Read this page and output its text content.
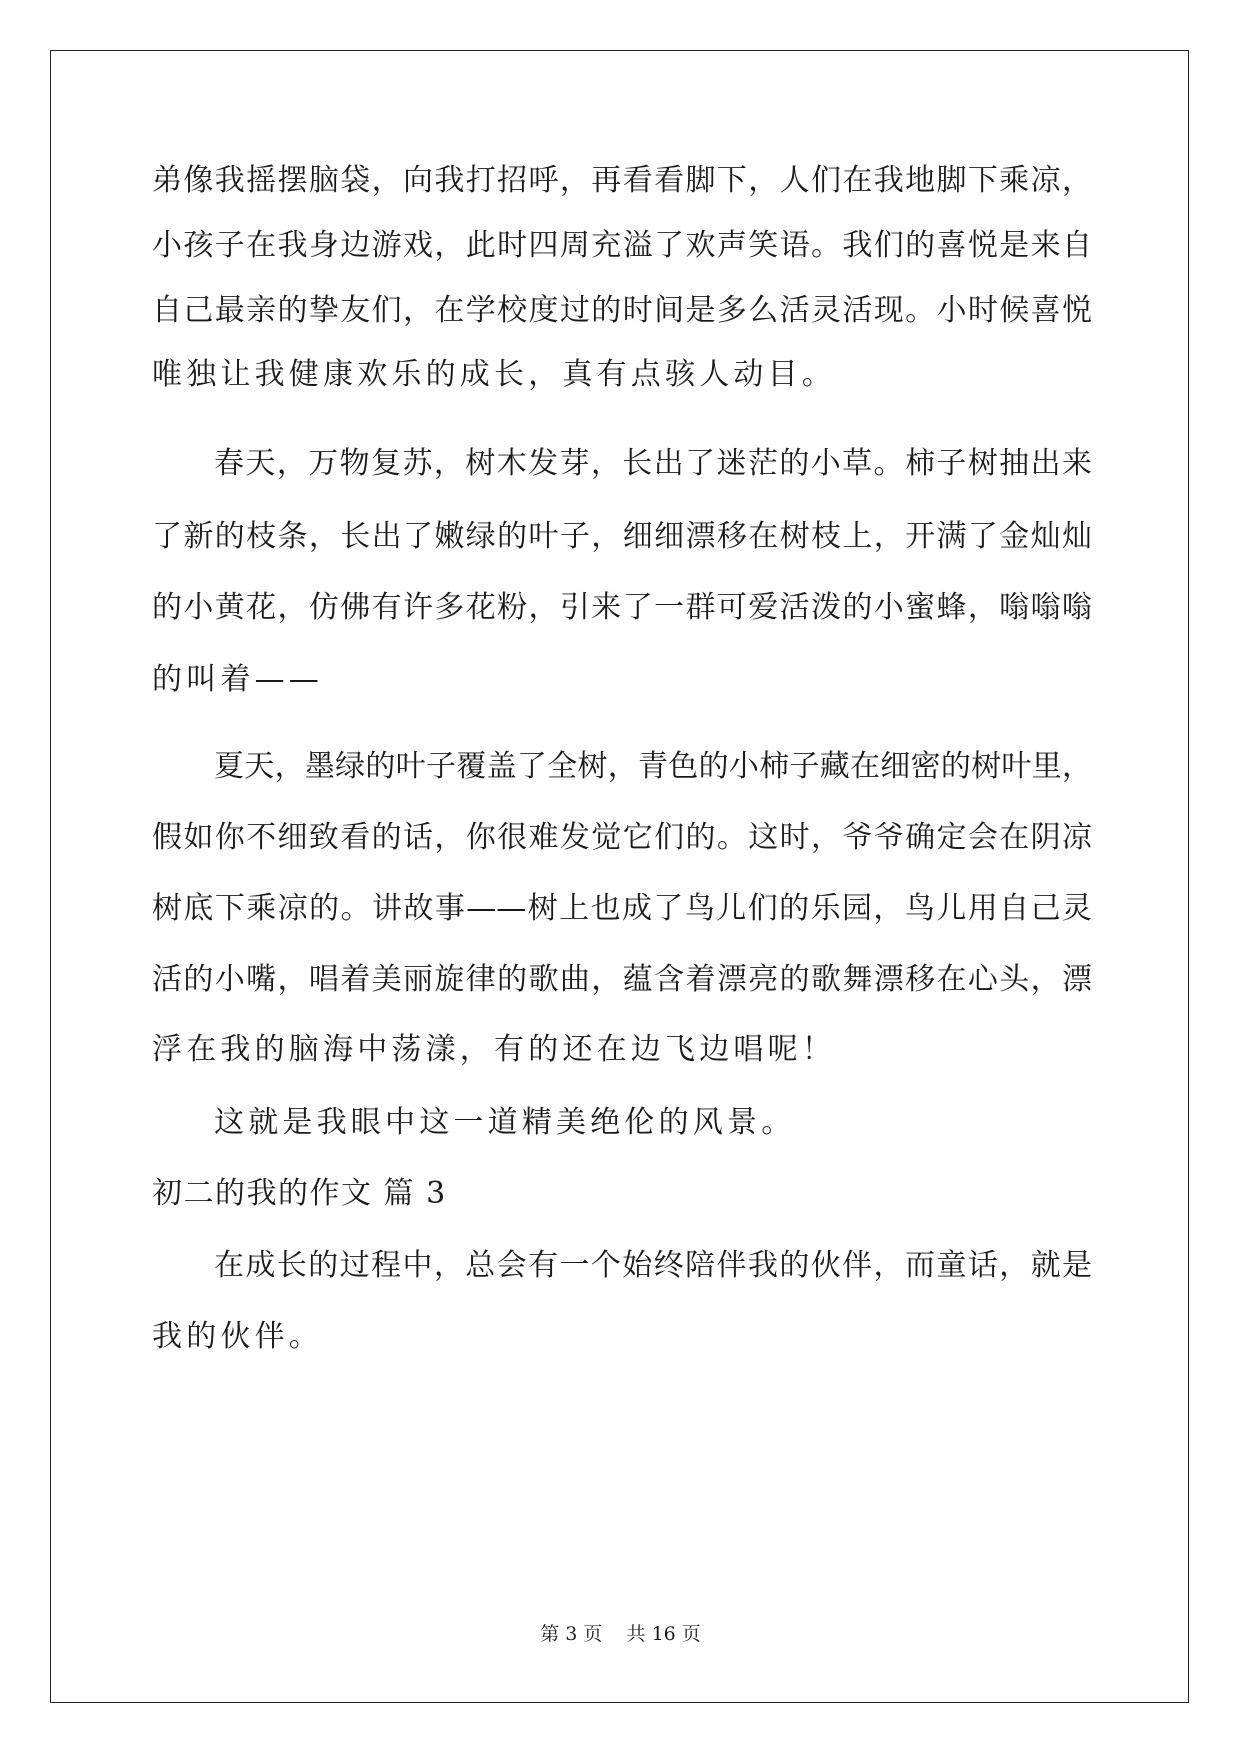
弟像我摇摆脑袋，向我打招呼，再看看脚下，人们在我地脚下乘凉，
小孩子在我身边游戏，此时四周充溢了欢声笑语。我们的喜悦是来自
自己最亲的挚友们，在学校度过的时间是多么活灵活现。小时候喜悦
唯独让我健康欢乐的成长，真有点骇人动目。
春天，万物复苏，树木发芽，长出了迷茫的小草。柿子树抽出来
了新的枝条，长出了嫩绿的叶子，细细漂移在树枝上，开满了金灿灿
的小黄花，仿佛有许多花粉，引来了一群可爱活泼的小蜜蜂，嗡嗡嗡
的叫着——
夏天，墨绿的叶子覆盖了全树，青色的小柿子藏在细密的树叶里，
假如你不细致看的话，你很难发觉它们的。这时，爷爷确定会在阴凉
树底下乘凉的。讲故事——树上也成了鸟儿们的乐园，鸟儿用自己灵
活的小嘴，唱着美丽旋律的歌曲，蕴含着漂亮的歌舞漂移在心头，漂
浮在我的脑海中荡漾，有的还在边飞边唱呢！
这就是我眼中这一道精美绝伦的风景。
初二的我的作文 篇 3
在成长的过程中，总会有一个始终陪伴我的伙伴，而童话，就是
我的伙伴。
第 3 页 共 16 页
